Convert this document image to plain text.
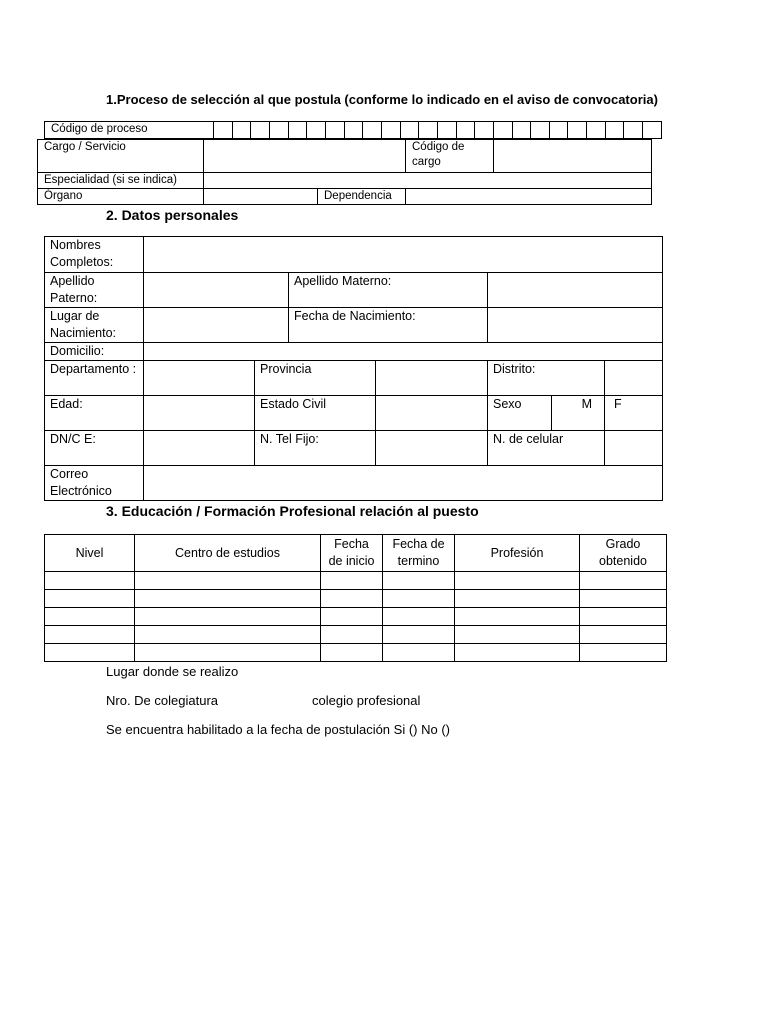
1.Proceso de selección al que postula (conforme lo indicado en el aviso de convocatoria)
Código de proceso																								
Cargo / Servicio			Código de cargo	
Especialidad (si se indica)				
Órgano		Dependencia		
2. Datos personales
Nombres Completos:							
Apellido Paterno:			Apellido Materno:				
Lugar de Nacimiento:			Fecha de Nacimiento:				
Domicilio:							
Departamento :		Provincia			Distrito:		
Edad:		Estado Civil			Sexo	M	F
DN/C E:		N. Tel Fijo:			N. de celular		
Correo Electrónico							
3. Educación / Formación Profesional relación al puesto
Nivel	Centro de estudios	Fecha de inicio	Fecha de termino	Profesión	Grado obtenido

Lugar donde se realizo
Nro. De colegiatura	colegio profesional
Se encuentra habilitado a la fecha de postulación Si () No ()
